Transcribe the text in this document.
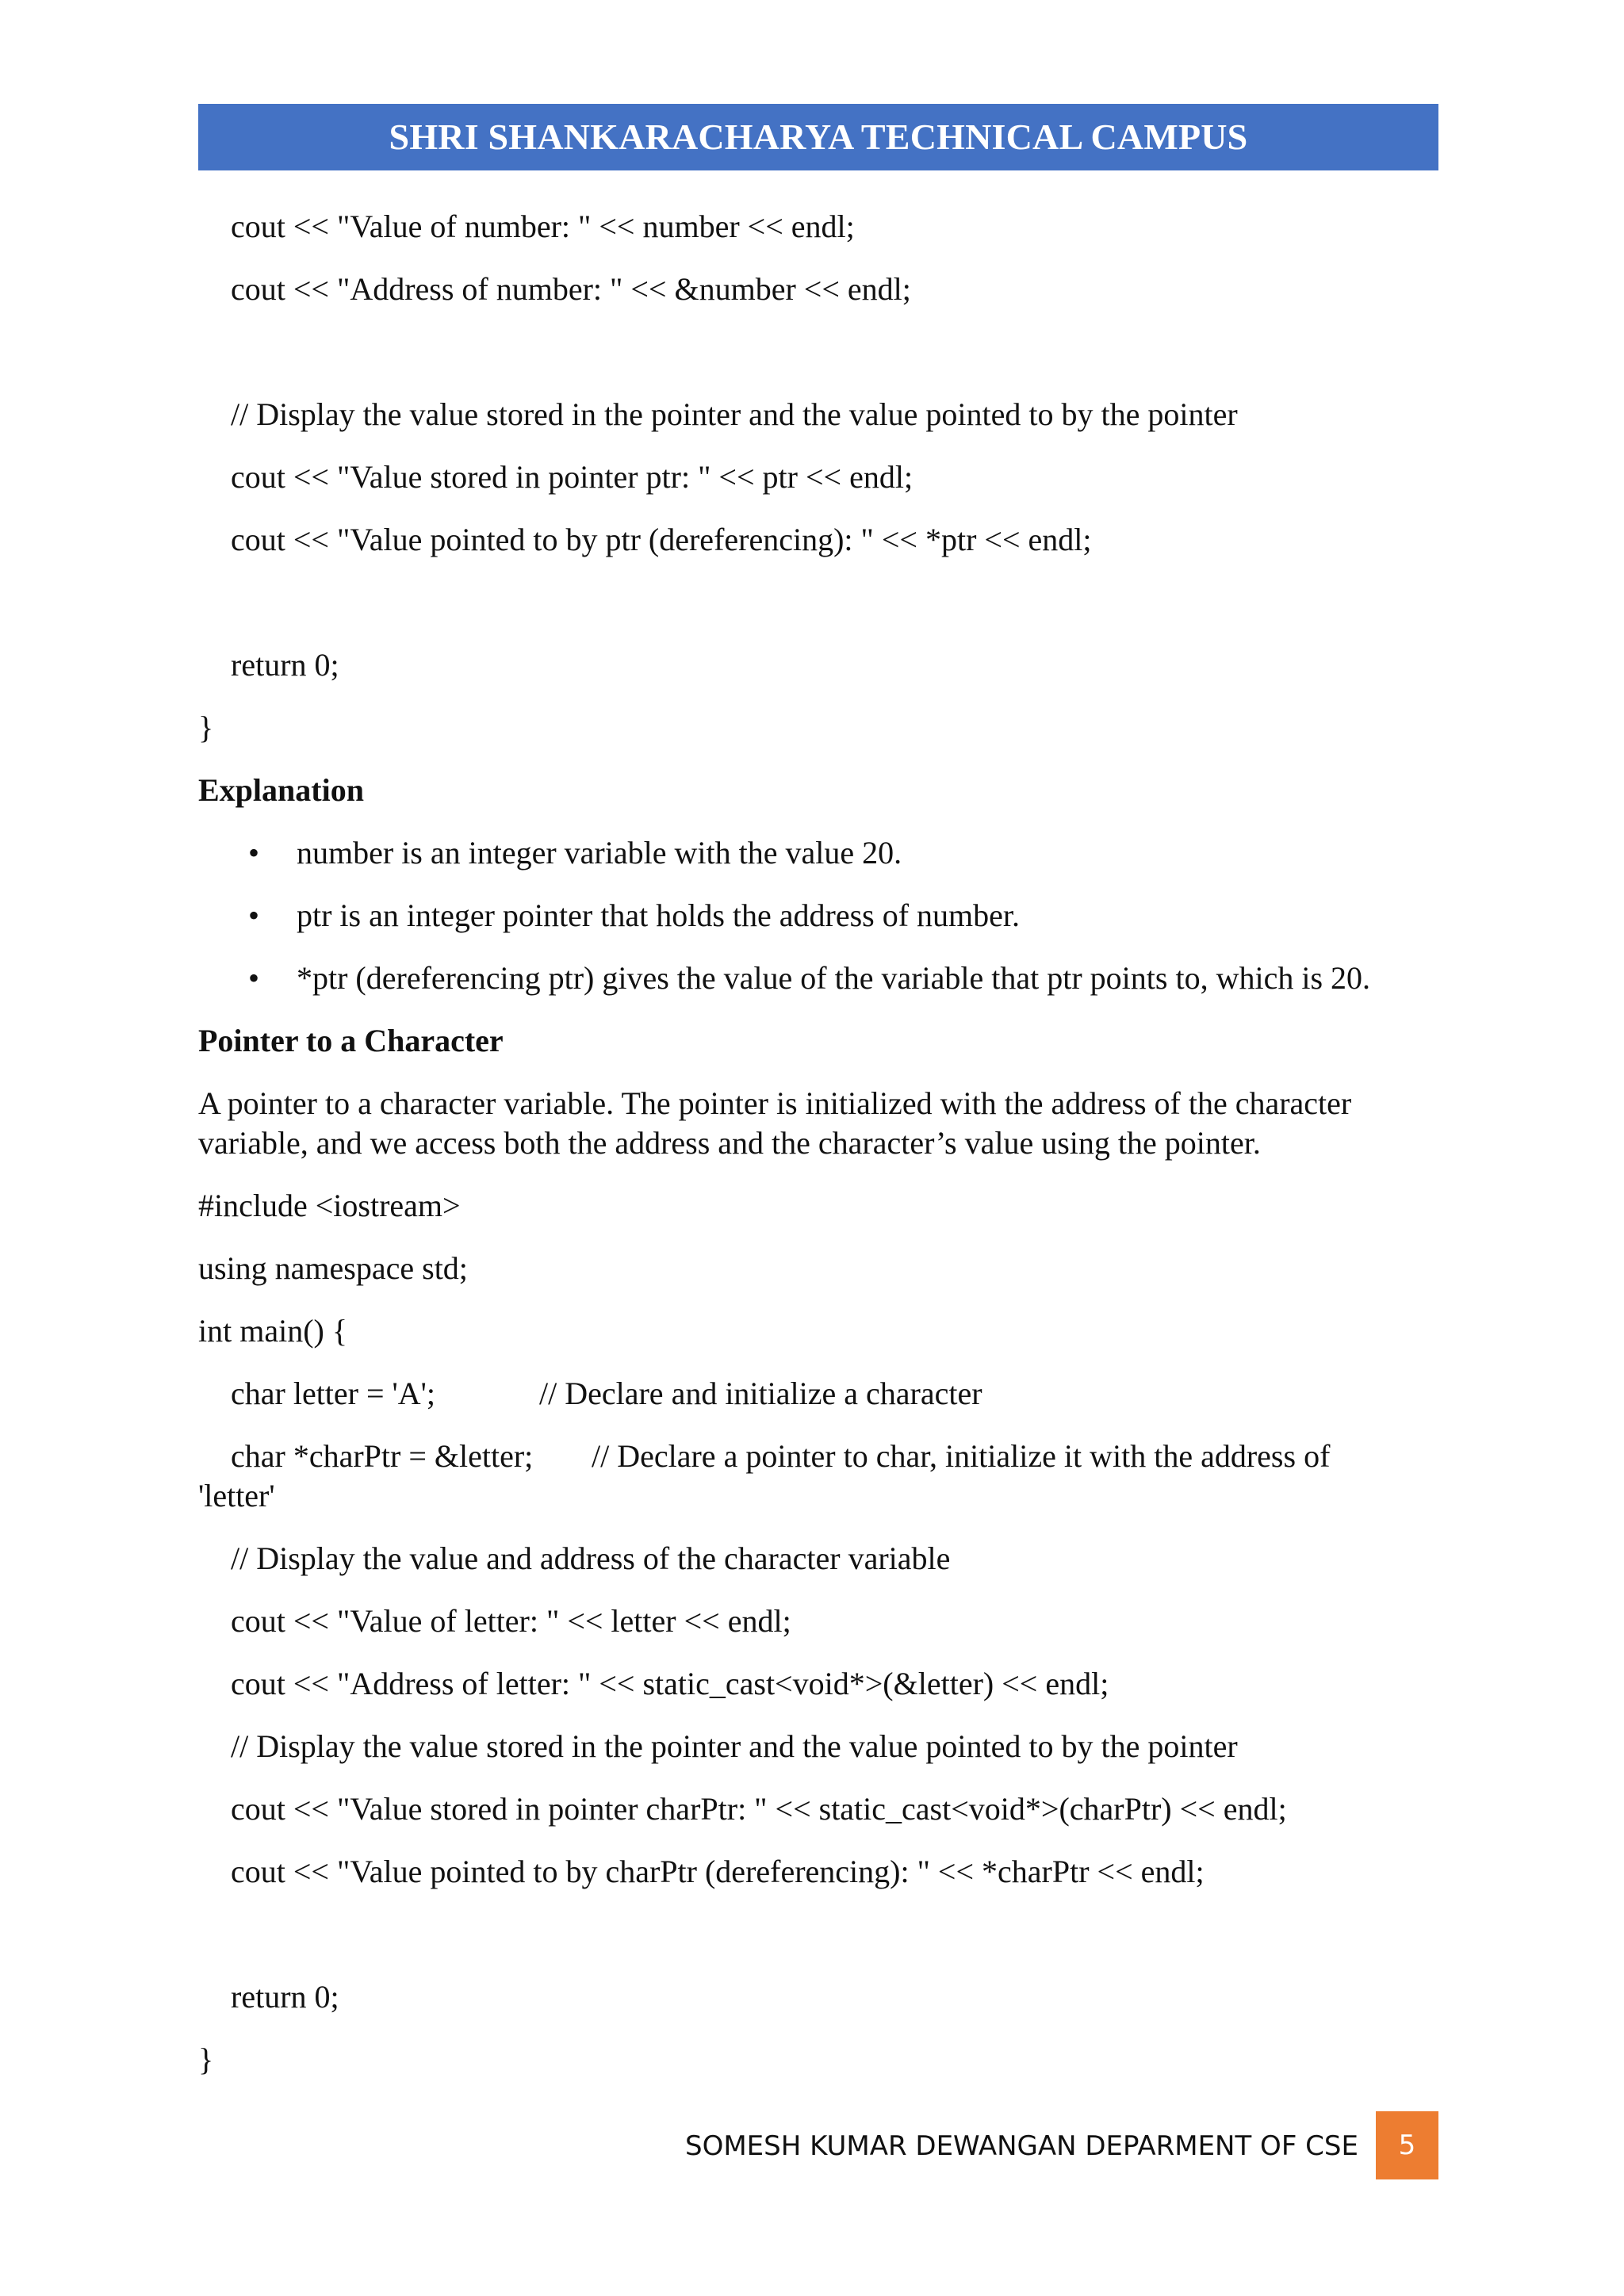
SHRI SHANKARACHARYA TECHNICAL CAMPUS
cout << "Value of number: " << number << endl;
cout << "Address of number: " << &number << endl;
// Display the value stored in the pointer and the value pointed to by the pointer
cout << "Value stored in pointer ptr: " << ptr << endl;
cout << "Value pointed to by ptr (dereferencing): " << *ptr << endl;
return 0;
}
Explanation
• number is an integer variable with the value 20.
• ptr is an integer pointer that holds the address of number.
• *ptr (dereferencing ptr) gives the value of the variable that ptr points to, which is 20.
Pointer to a Character
A pointer to a character variable. The pointer is initialized with the address of the character
variable, and we access both the address and the character’s value using the pointer.
#include <iostream>
using namespace std;
int main() {
char letter = 'A';	// Declare and initialize a character
char *charPtr = &letter; // Declare a pointer to char, initialize it with the address of
'letter'
// Display the value and address of the character variable
cout << "Value of letter: " << letter << endl;
cout << "Address of letter: " << static_cast<void*>(&letter) << endl;
// Display the value stored in the pointer and the value pointed to by the pointer
cout << "Value stored in pointer charPtr: " << static_cast<void*>(charPtr) << endl;
cout << "Value pointed to by charPtr (dereferencing): " << *charPtr << endl;
return 0;
}
SOMESH KUMAR DEWANGAN DEPARMENT OF CSE	5
